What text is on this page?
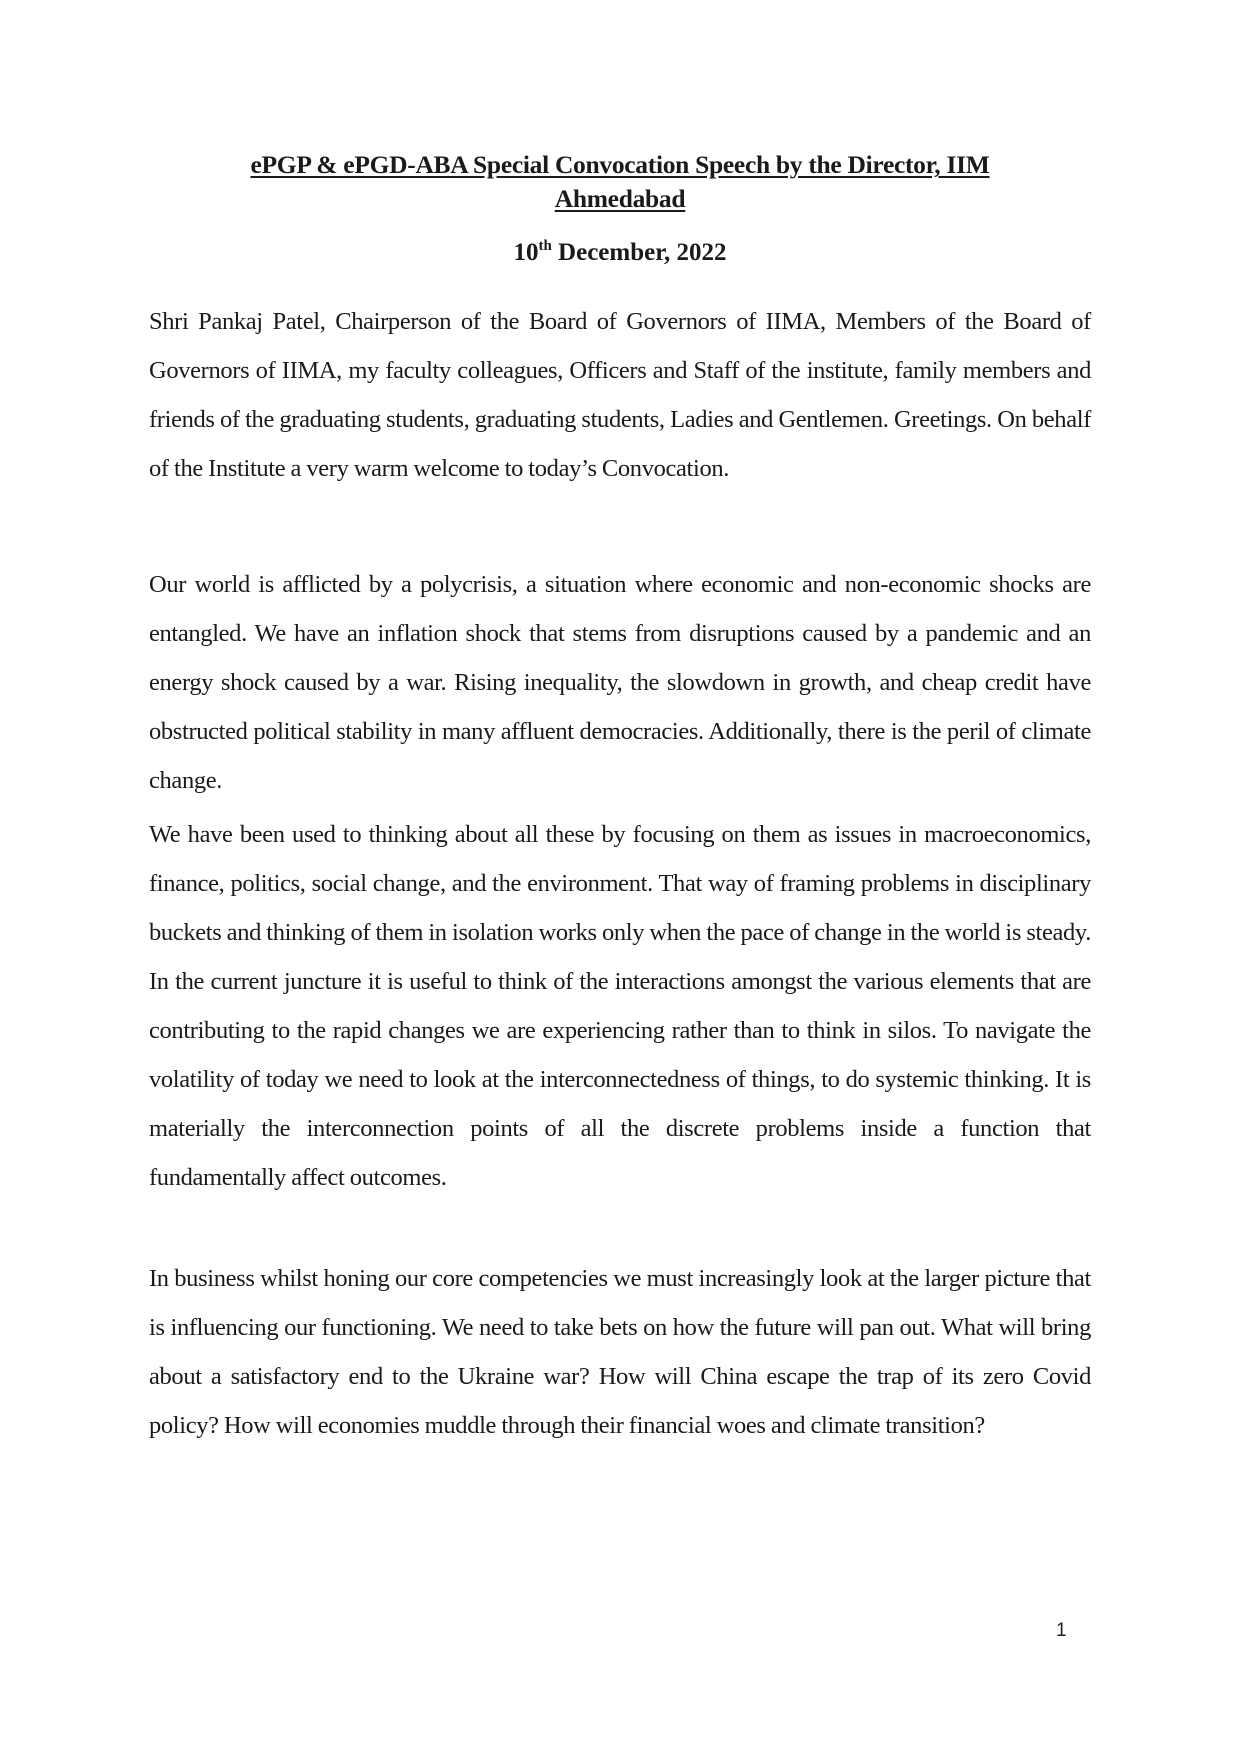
ePGP & ePGD-ABA Special Convocation Speech by the Director, IIM
Ahmedabad
10th December, 2022

Shri Pankaj Patel, Chairperson of the Board of Governors of IIMA, Members of the Board of Governors of IIMA, my faculty colleagues, Officers and Staff of the institute, family members and friends of the graduating students, graduating students, Ladies and Gentlemen. Greetings. On behalf of the Institute a very warm welcome to today’s Convocation.

Our world is afflicted by a polycrisis, a situation where economic and non-economic shocks are entangled. We have an inflation shock that stems from disruptions caused by a pandemic and an energy shock caused by a war. Rising inequality, the slowdown in growth, and cheap credit have obstructed political stability in many affluent democracies. Additionally, there is the peril of climate change.

We have been used to thinking about all these by focusing on them as issues in macroeconomics, finance, politics, social change, and the environment. That way of framing problems in disciplinary buckets and thinking of them in isolation works only when the pace of change in the world is steady. In the current juncture it is useful to think of the interactions amongst the various elements that are contributing to the rapid changes we are experiencing rather than to think in silos. To navigate the volatility of today we need to look at the interconnectedness of things, to do systemic thinking. It is materially the interconnection points of all the discrete problems inside a function that fundamentally affect outcomes.

In business whilst honing our core competencies we must increasingly look at the larger picture that is influencing our functioning. We need to take bets on how the future will pan out. What will bring about a satisfactory end to the Ukraine war? How will China escape the trap of its zero Covid policy? How will economies muddle through their financial woes and climate transition?

1
